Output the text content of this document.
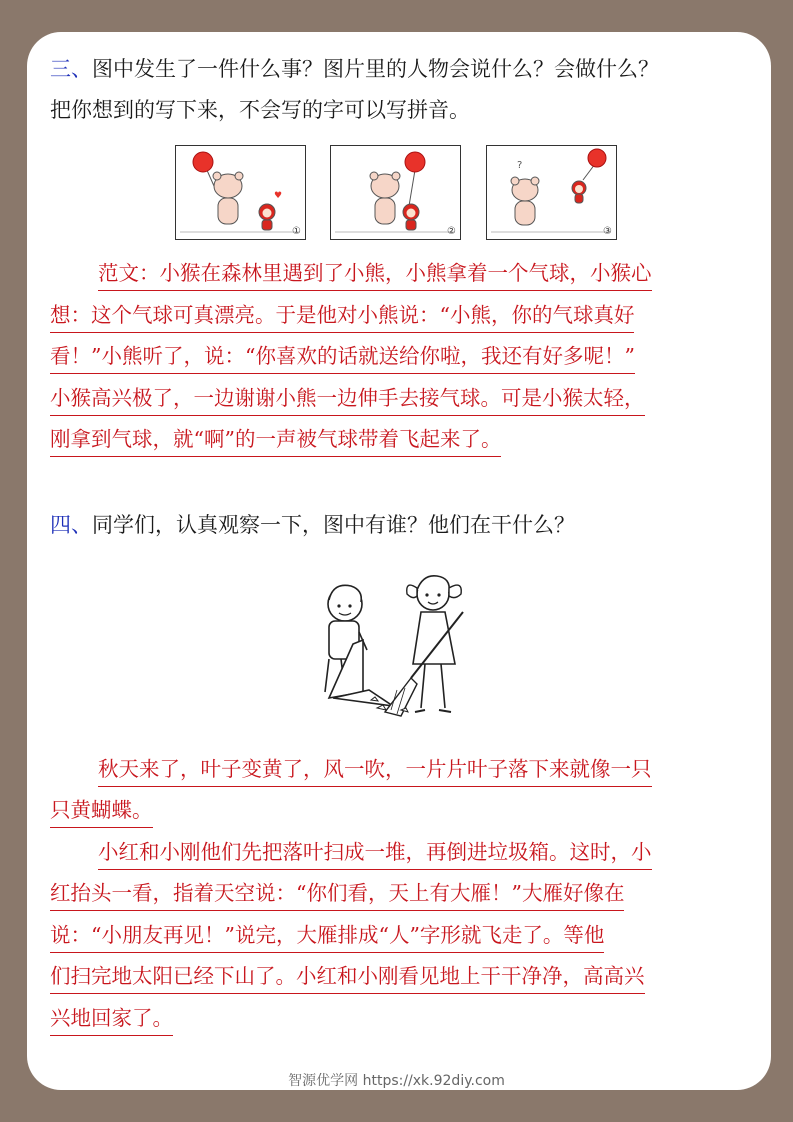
三、图中发生了一件什么事？图片里的人物会说什么？会做什么？
把你想到的写下来，不会写的字可以写拼音。
♥
①	②
?
③
范文：小猴在森林里遇到了小熊，小熊拿着一个气球，小猴心
想：这个气球可真漂亮。于是他对小熊说：“小熊，你的气球真好
看！”小熊听了，说：“你喜欢的话就送给你啦，我还有好多呢！”
小猴高兴极了，一边谢谢小熊一边伸手去接气球。可是小猴太轻，
刚拿到气球，就“啊”的一声被气球带着飞起来了。
四、同学们，认真观察一下，图中有谁？他们在干什么？
秋天来了，叶子变黄了，风一吹，一片片叶子落下来就像一只
只黄蝴蝶。
小红和小刚他们先把落叶扫成一堆，再倒进垃圾箱。这时，小
红抬头一看，指着天空说：“你们看，天上有大雁！”大雁好像在
说：“小朋友再见！”说完，大雁排成“人”字形就飞走了。等他
们扫完地太阳已经下山了。小红和小刚看见地上干干净净，高高兴
兴地回家了。
智源优学网 https://xk.92diy.com
